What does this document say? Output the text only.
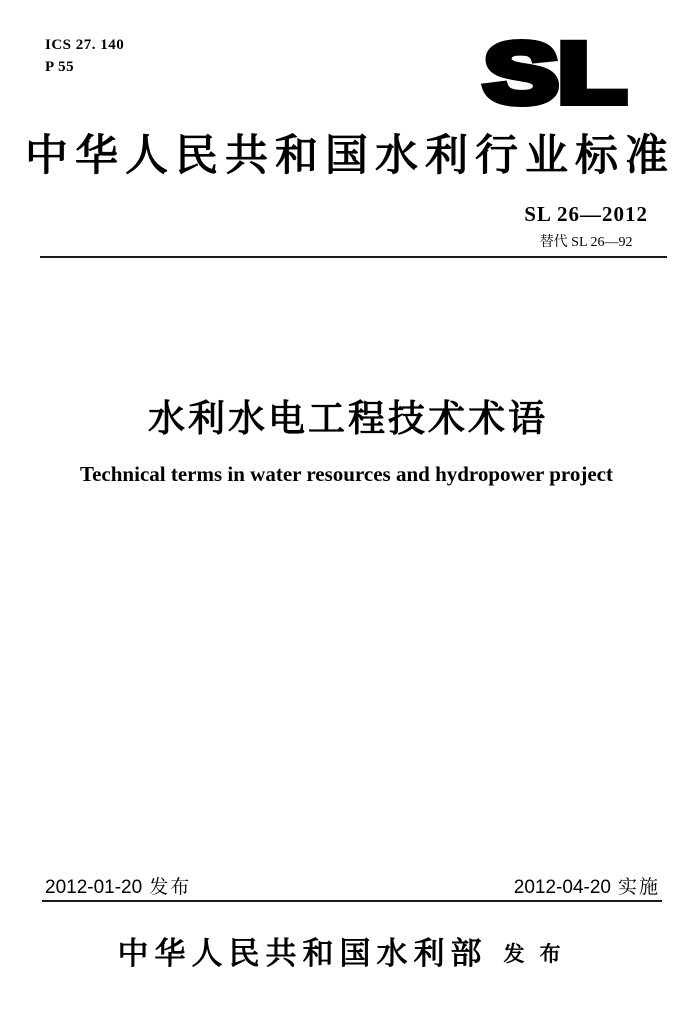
ICS 27. 140
P 55	SL
中华人民共和国水利行业标准
SL 26—2012
替代 SL 26—92
水利水电工程技术术语
Technical terms in water resources and hydropower project
2012-01-20 发布	2012-04-20 实施
中华人民共和国水利部 发布
